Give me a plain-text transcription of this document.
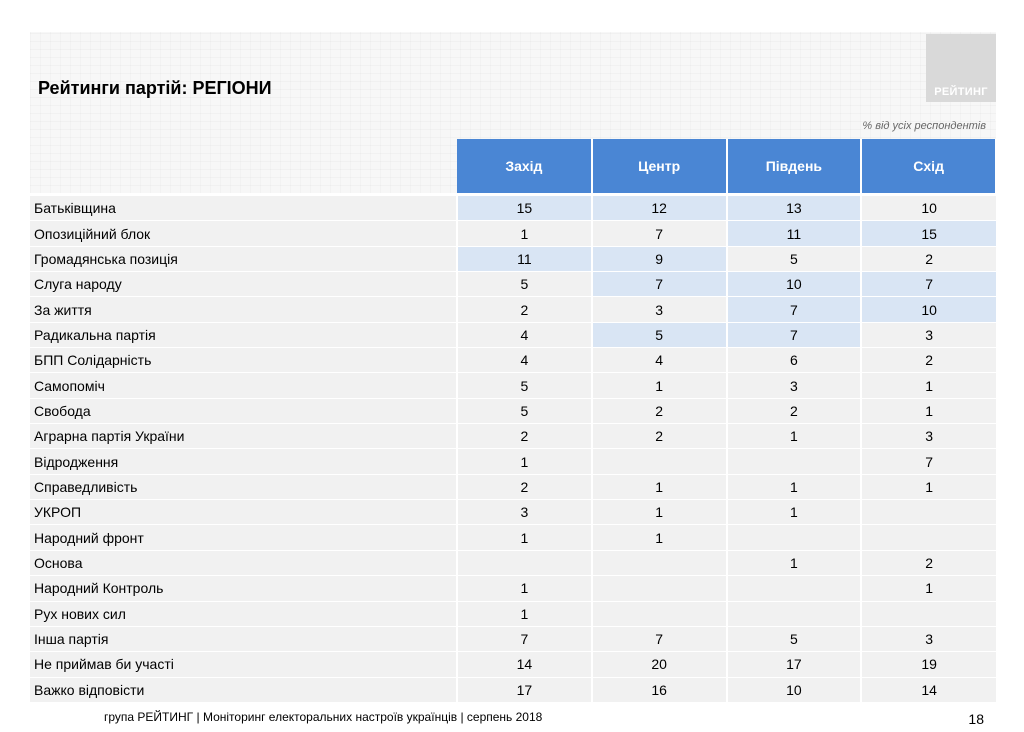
Рейтинги партій: РЕГІОНИ	РЕЙТИНГ
% від усіх респондентів
	Захід	Центр	Південь	Схід
Батьківщина	15	12	13	10
Опозиційний блок	1	7	11	15
Громадянська позиція	11	9	5	2
Слуга народу	5	7	10	7
За життя	2	3	7	10
Радикальна партія	4	5	7	3
БПП Солідарність	4	4	6	2
Самопоміч	5	1	3	1
Свобода	5	2	2	1
Аграрна партія України	2	2	1	3
Відродження	1			7
Справедливість	2	1	1	1
УКРОП	3	1	1	
Народний фронт	1	1		
Основа			1	2
Народний Контроль	1			1
Рух нових сил	1			
Інша партія	7	7	5	3
Не приймав би участі	14	20	17	19
Важко відповісти	17	16	10	14
група РЕЙТИНГ | Моніторинг електоральних настроїв українців | серпень 2018	18
